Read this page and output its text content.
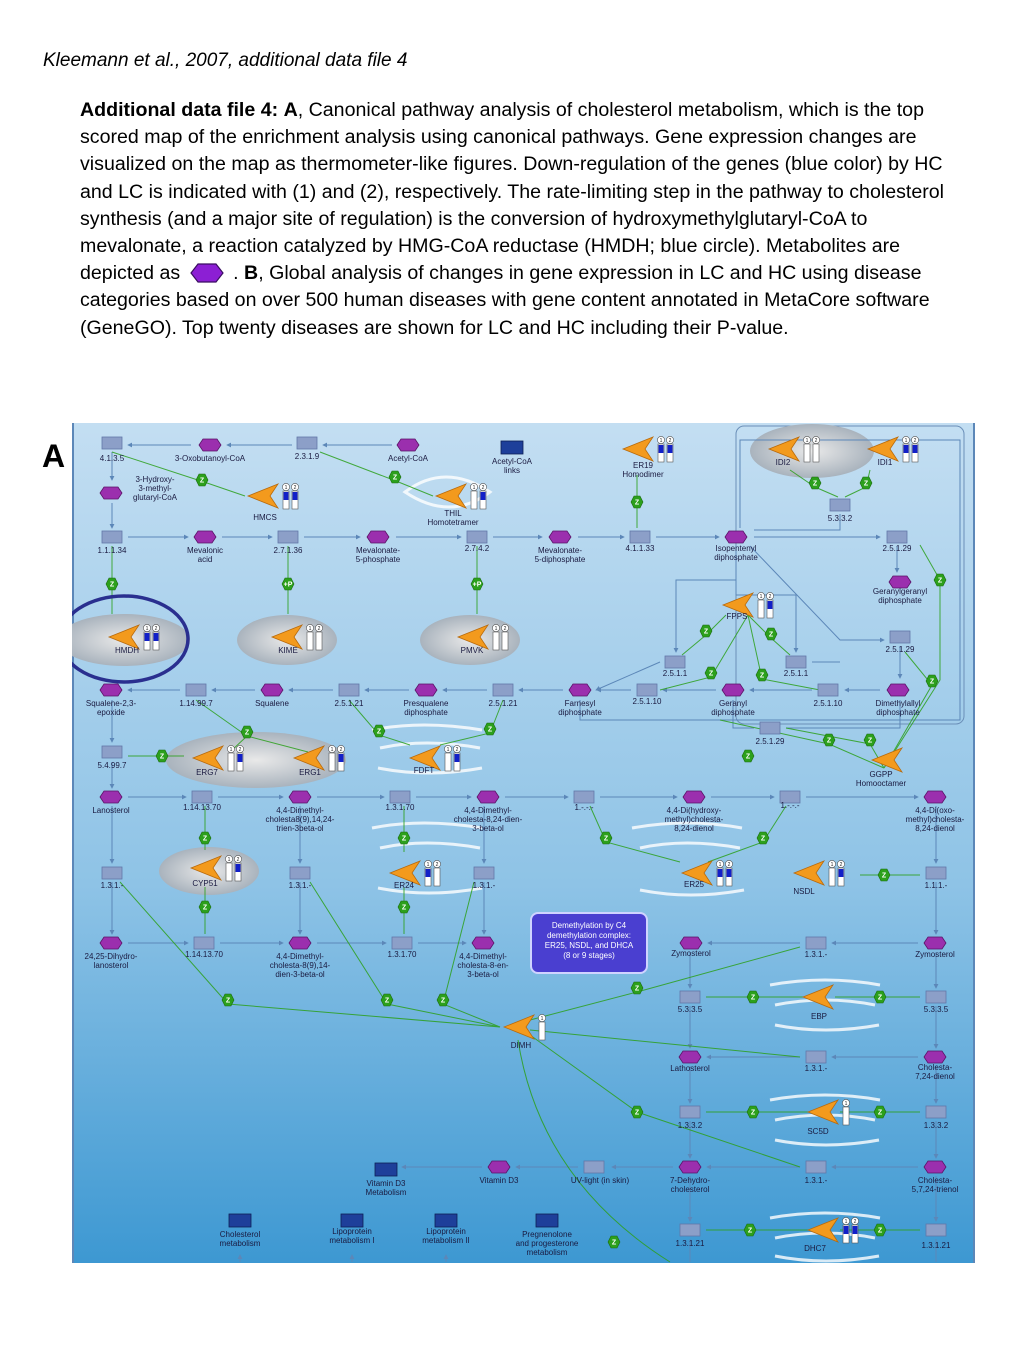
Kleemann et al., 2007, additional data file 4
Additional data file 4: A, Canonical pathway analysis of cholesterol metabolism, which is the top scored map of the enrichment analysis using canonical pathways. Gene expression changes are visualized on the map as thermometer-like figures. Down-regulation of the genes (blue color) by HC and LC is indicated with (1) and (2), respectively. The rate-limiting step in the pathway to cholesterol synthesis (and a major site of regulation) is the conversion of hydroxymethylglutaryl-CoA to mevalonate, a reaction catalyzed by HMG-CoA reductase (HMDH; blue circle). Metabolites are depicted as	. B, Global analysis of changes in gene expression in LC and HC using disease categories based on over 500 human diseases with gene content annotated in MetaCore software (GeneGO). Top twenty diseases are shown for LC and HC including their P-value.
A	Acetyl-CoA links
Vitamin D3 Metabolism
Cholesterol metabolism
Lipoprotein metabolism I
Lipoprotein metabolism II
Pregnenolone and progesterone metabolism
4.1.3.5	2.3.1.9
1.1.1.34	2.7.1.36	2.7.4.2	4.1.1.33
5.3.3.2
2.5.1.29
2.5.1.29
2.5.1.1	2.5.1.1
1.14.99.7	2.5.1.21	2.5.1.21	2.5.1.10	2.5.1.10
2.5.1.29
5.4.99.7
1.14.13.70	1.3.1.70	1.-.-.-	1.-.-.-
1.3.1.-	1.3.1.-	1.3.1.-	1.1.1.-
1.14.13.70	1.3.1.70	1.3.1.-
5.3.3.5	5.3.3.5
1.3.1.-
1.3.3.2	1.3.3.2
UV-light (in skin)	1.3.1.-
1.3.1.21	1.3.1.21
3-Oxobutanoyl-CoA	Acetyl-CoA
3-Hydroxy-3-methyl-glutaryl-CoA
Mevalonic acid
Mevalonate-5-phosphate
Mevalonate-5-diphosphate
Isopentenyl diphosphate
Geranylgeranyl diphosphate
Squalene-2,3-epoxide
Squalene	Presqualene diphosphate
Farnesyl diphosphate
Geranyl diphosphate
Dimethylallyl diphosphate
Lanosterol	4,4-Dimethyl-cholesta8(9),14,24-trien-3beta-ol
4,4-Dimethyl-cholesta-8,24-dien-3-beta-ol
4,4-Di(hydroxy-methyl)cholesta-8,24-dienol
4,4-Di(oxo-methyl)cholesta-8,24-dienol
24,25-Dihydro-lanosterol
4,4-Dimethyl-cholesta-8(9),14-dien-3-beta-ol
4,4-Dimethyl-cholesta-8-en-3-beta-ol
Zymosterol	Zymosterol
Lathosterol	Cholesta-7,24-dienol
Vitamin D3	7-Dehydro-cholesterol
Cholesta-5,7,24-trienol
1 2
HMCS
1 2
THIL Homotetramer
1 2
ER19 Homodimer
1 2
IDI2
1 2
IDI1
1 2
HMDH
1 2
KIME
1 2
PMVK
1 2
FPPS
1 2
ERG7
1 2
ERG1
1 2
FDFT	GGPP Homooctamer
1 2
CYP51
1 2
ER24
1 2
ER25
1 2
NSDL
EBP
1
DIMH
1
SC5D
1 2
DHC7
Z	Z
Z
Z	Z
Z	+P	+P
Z
Z	Z
Z	Z
Z
Z	Z	Z
Z	Z
Z
Z
Z	Z	Z	Z
Z
Z	Z
Z	Z	Z
Z
Z	Z
Z	Z	Z
Z
Z	Z
Demethylation by C4 demethylation complex: ER25, NSDL, and DHCA (8 or 9 stages)
